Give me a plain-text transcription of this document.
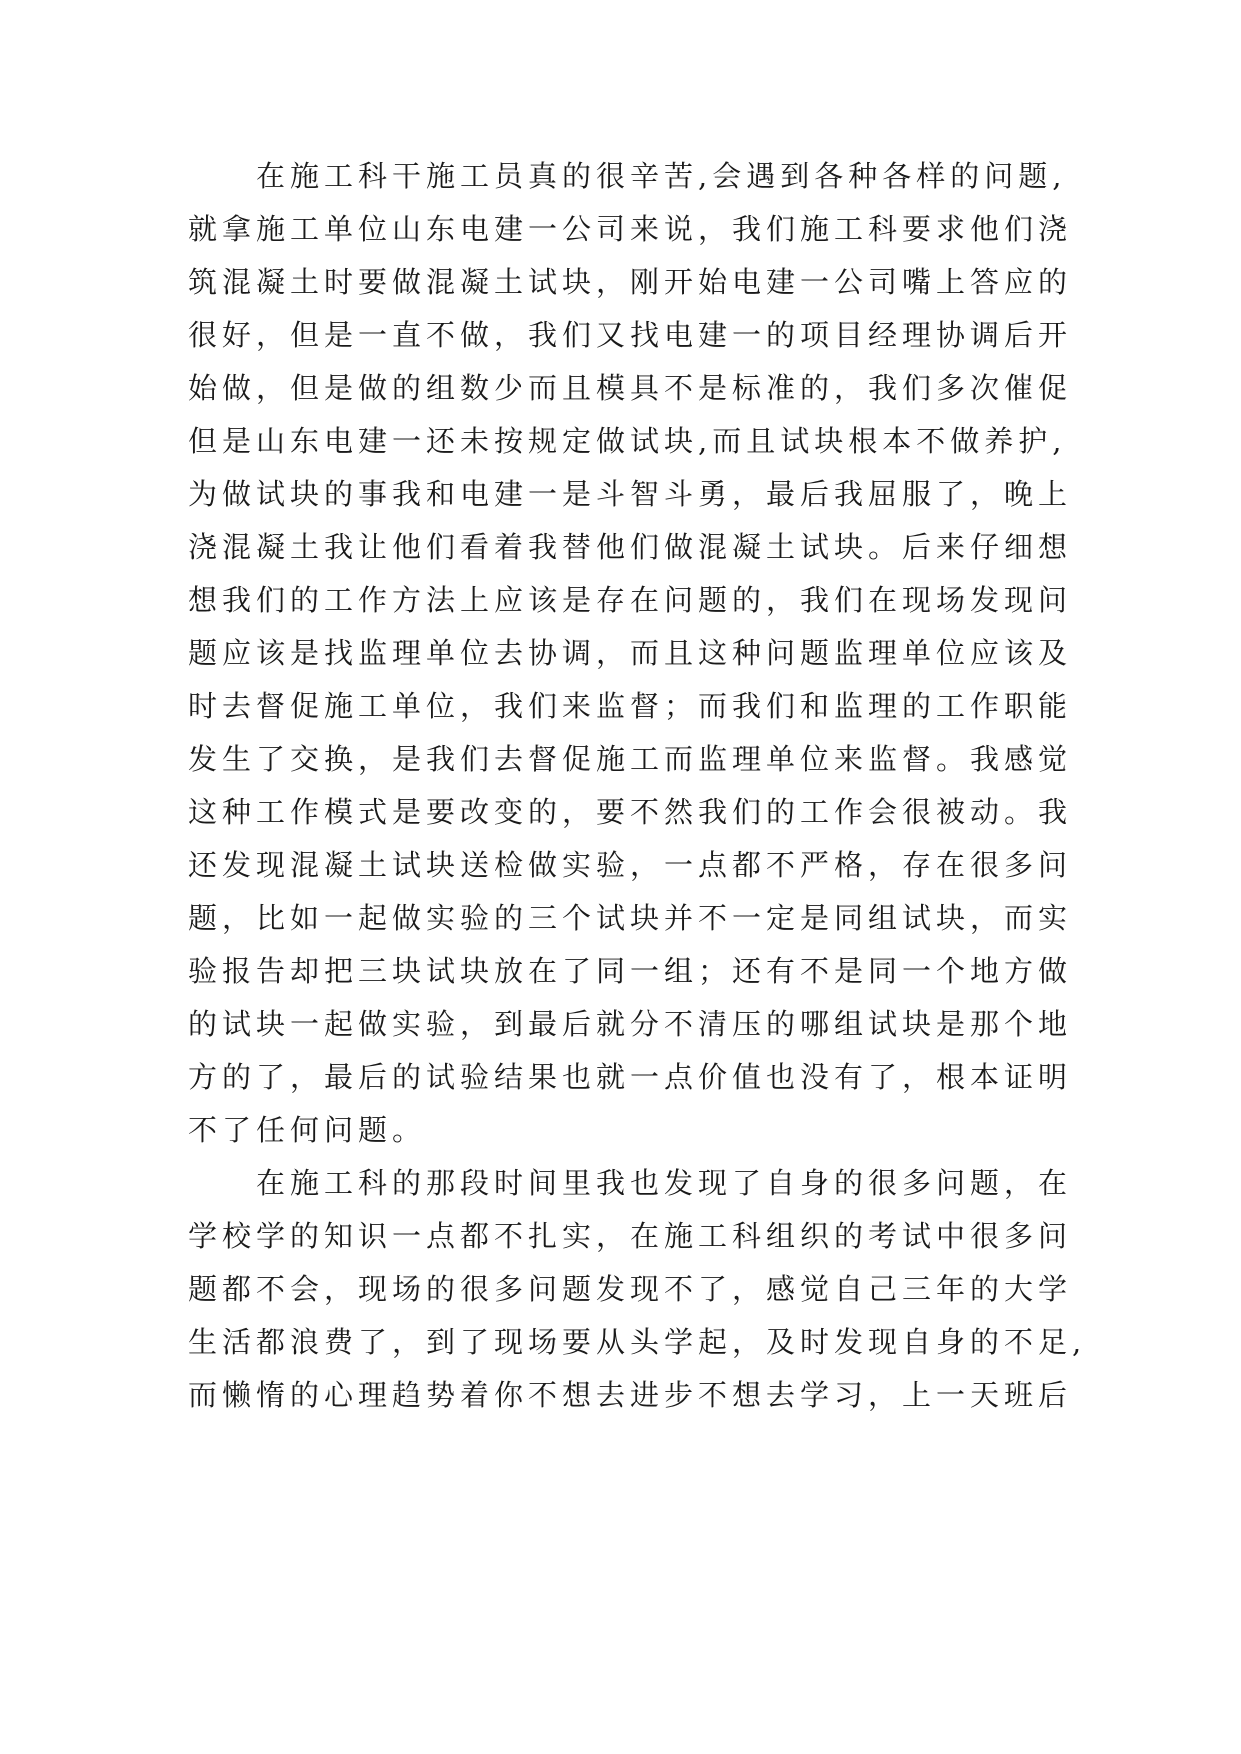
在施工科干施工员真的很辛苦,会遇到各种各样的问题,
就拿施工单位山东电建一公司来说，我们施工科要求他们浇
筑混凝土时要做混凝土试块，刚开始电建一公司嘴上答应的
很好，但是一直不做，我们又找电建一的项目经理协调后开
始做，但是做的组数少而且模具不是标准的，我们多次催促
但是山东电建一还未按规定做试块,而且试块根本不做养护,
为做试块的事我和电建一是斗智斗勇，最后我屈服了，晚上
浇混凝土我让他们看着我替他们做混凝土试块。后来仔细想
想我们的工作方法上应该是存在问题的，我们在现场发现问
题应该是找监理单位去协调，而且这种问题监理单位应该及
时去督促施工单位，我们来监督；而我们和监理的工作职能
发生了交换，是我们去督促施工而监理单位来监督。我感觉
这种工作模式是要改变的，要不然我们的工作会很被动。我
还发现混凝土试块送检做实验，一点都不严格，存在很多问
题，比如一起做实验的三个试块并不一定是同组试块，而实
验报告却把三块试块放在了同一组；还有不是同一个地方做
的试块一起做实验，到最后就分不清压的哪组试块是那个地
方的了，最后的试验结果也就一点价值也没有了，根本证明
不了任何问题。
在施工科的那段时间里我也发现了自身的很多问题，在
学校学的知识一点都不扎实，在施工科组织的考试中很多问
题都不会，现场的很多问题发现不了，感觉自己三年的大学
生活都浪费了，到了现场要从头学起，及时发现自身的不足,
而懒惰的心理趋势着你不想去进步不想去学习，上一天班后
